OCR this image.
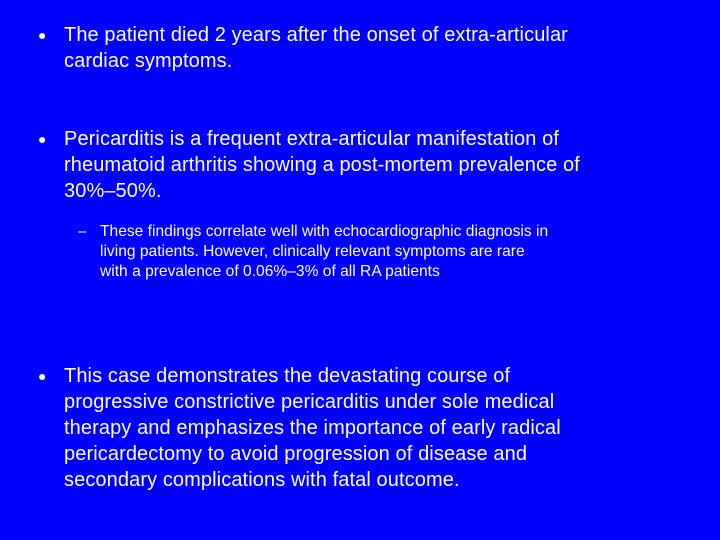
● The patient died 2 years after the onset of extra-articular
cardiac symptoms.
● Pericarditis is a frequent extra-articular manifestation of
rheumatoid arthritis showing a post-mortem prevalence of
30%–50%.
– These findings correlate well with echocardiographic diagnosis in
living patients. However, clinically relevant symptoms are rare
with a prevalence of 0.06%–3% of all RA patients
● This case demonstrates the devastating course of
progressive constrictive pericarditis under sole medical
therapy and emphasizes the importance of early radical
pericardectomy to avoid progression of disease and
secondary complications with fatal outcome.
